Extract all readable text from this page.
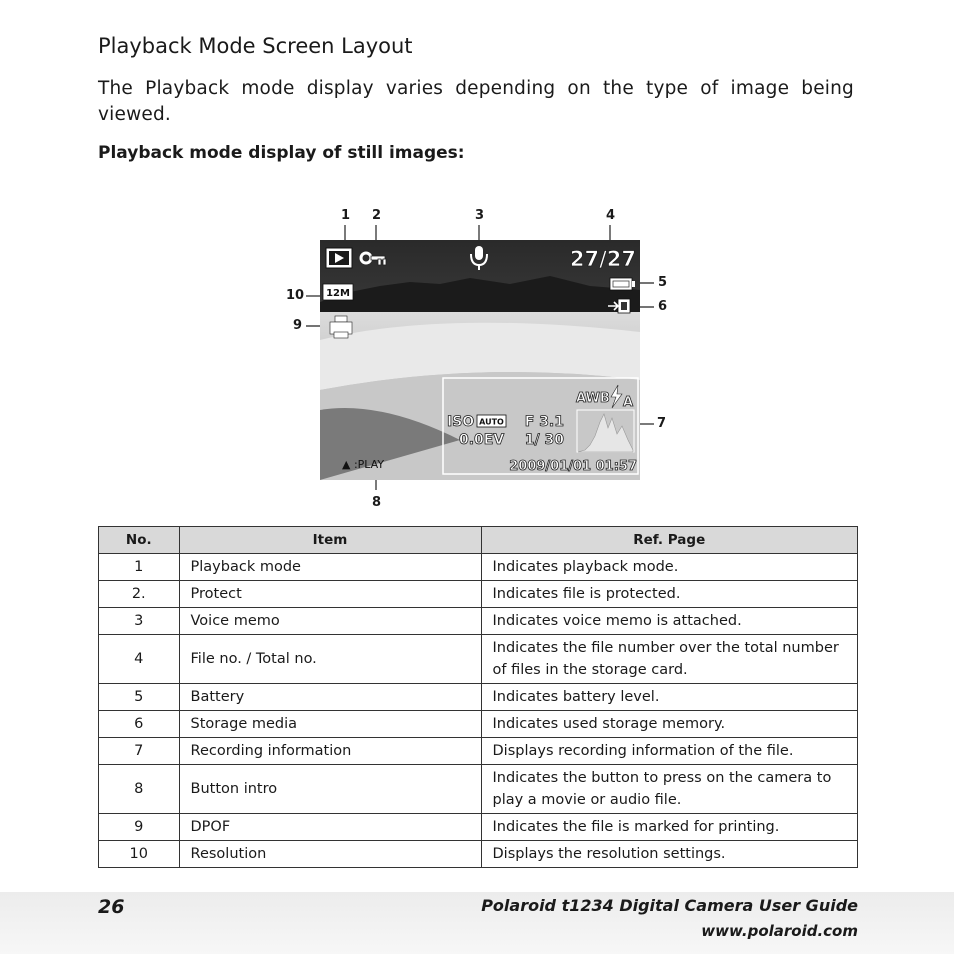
Playback Mode Screen Layout
The Playback mode display varies depending on the type of image being viewed.
Playback mode display of still images:
1 2	3	4
5
6
7
8
9
10
27/27
12M
AWB A
ISO AUTO F 3.1
0.0EV 1/ 30
2009/01/01 01:57
▲ :PLAY
No.	Item	Ref. Page
1	Playback mode	Indicates playback mode.
2.	Protect	Indicates file is protected.
3	Voice memo	Indicates voice memo is attached.
4	File no. / Total no.	Indicates the file number over the total number of files in the storage card.
5	Battery	Indicates battery level.
6	Storage media	Indicates used storage memory.
7	Recording information	Displays recording information of the file.
8	Button intro	Indicates the button to press on the camera to play a movie or audio file.
9	DPOF	Indicates the file is marked for printing.
10	Resolution	Displays the resolution settings.
26	Polaroid t1234 Digital Camera User Guide
www.polaroid.com
